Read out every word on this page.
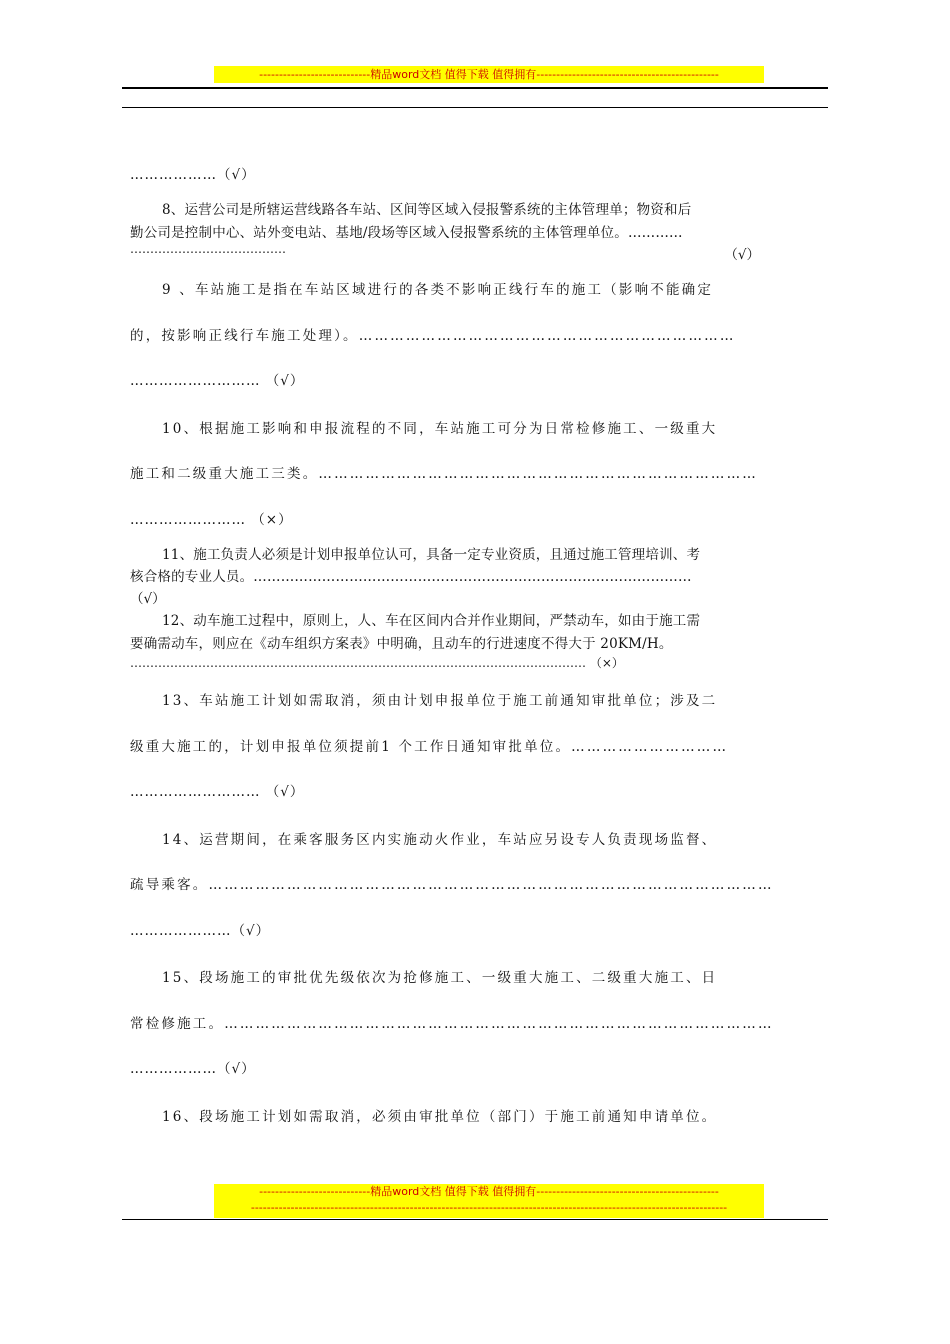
----------------------------精品word文档 值得下载 值得拥有----------------------------------------------
………………（√）
8、运营公司是所辖运营线路各车站、区间等区域入侵报警系统的主体管理单；物资和后
勤公司是控制中心、站外变电站、基地/段场等区域入侵报警系统的主体管理单位。…………
…………………………………	（√）
9 、车站施工是指在车站区域进行的各类不影响正线行车的施工（影响不能确定
的，按影响正线行车施工处理）。………………………………………………………………
……………………… （√）
10、根据施工影响和申报流程的不同，车站施工可分为日常检修施工、一级重大
施工和二级重大施工三类。…………………………………………………………………………
…………………… （×）
11、施工负责人必须是计划申报单位认可，具备一定专业资质，且通过施工管理培训、考
核合格的专业人员。……………………………………………………………………………………
（√）
12、动车施工过程中，原则上，人、车在区间内合并作业期间，严禁动车，如由于施工需
要确需动车，则应在《动车组织方案表》中明确，且动车的行进速度不得大于 20KM/H。
…………………………………………………………………………………………………… （×）
13、车站施工计划如需取消，须由计划申报单位于施工前通知审批单位；涉及二
级重大施工的，计划申报单位须提前1 个工作日通知审批单位。…………………………
……………………… （√）
14、运营期间，在乘客服务区内实施动火作业，车站应另设专人负责现场监督、
疏导乘客。………………………………………………………………………………………………
…………………（√）
15、段场施工的审批优先级依次为抢修施工、一级重大施工、二级重大施工、日
常检修施工。……………………………………………………………………………………………
………………（√）
16、段场施工计划如需取消，必须由审批单位（部门）于施工前通知申请单位。
----------------------------精品word文档 值得下载 值得拥有----------------------------------------------
------------------------------------------------------------------------------------------------------------------------
